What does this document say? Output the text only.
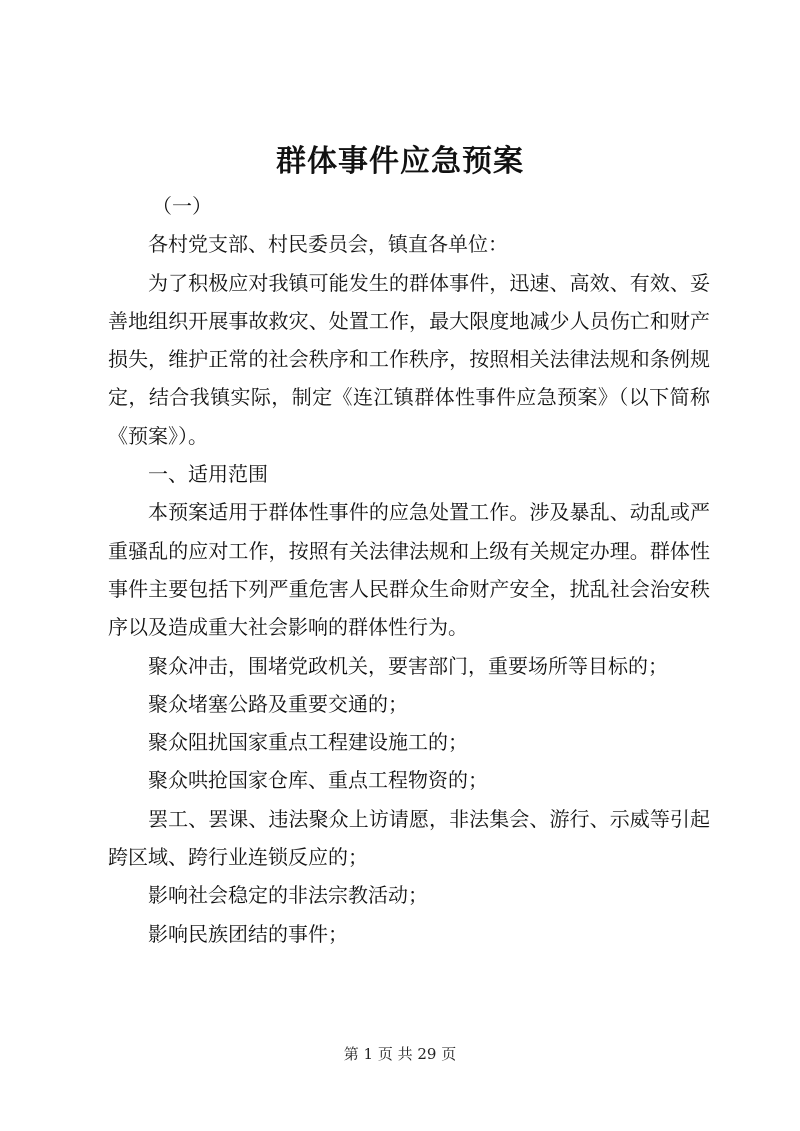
群体事件应急预案

（一）

各村党支部、村民委员会，镇直各单位：

为了积极应对我镇可能发生的群体事件，迅速、高效、有效、妥善地组织开展事故救灾、处置工作，最大限度地减少人员伤亡和财产损失，维护正常的社会秩序和工作秩序，按照相关法律法规和条例规定，结合我镇实际，制定《连江镇群体性事件应急预案》（以下简称《预案》）。

一、适用范围

本预案适用于群体性事件的应急处置工作。涉及暴乱、动乱或严重骚乱的应对工作，按照有关法律法规和上级有关规定办理。群体性事件主要包括下列严重危害人民群众生命财产安全，扰乱社会治安秩序以及造成重大社会影响的群体性行为。

聚众冲击，围堵党政机关，要害部门，重要场所等目标的；

聚众堵塞公路及重要交通的；

聚众阻扰国家重点工程建设施工的；

聚众哄抢国家仓库、重点工程物资的；

罢工、罢课、违法聚众上访请愿，非法集会、游行、示威等引起跨区域、跨行业连锁反应的；

影响社会稳定的非法宗教活动；

影响民族团结的事件；

第 1 页 共 29 页
